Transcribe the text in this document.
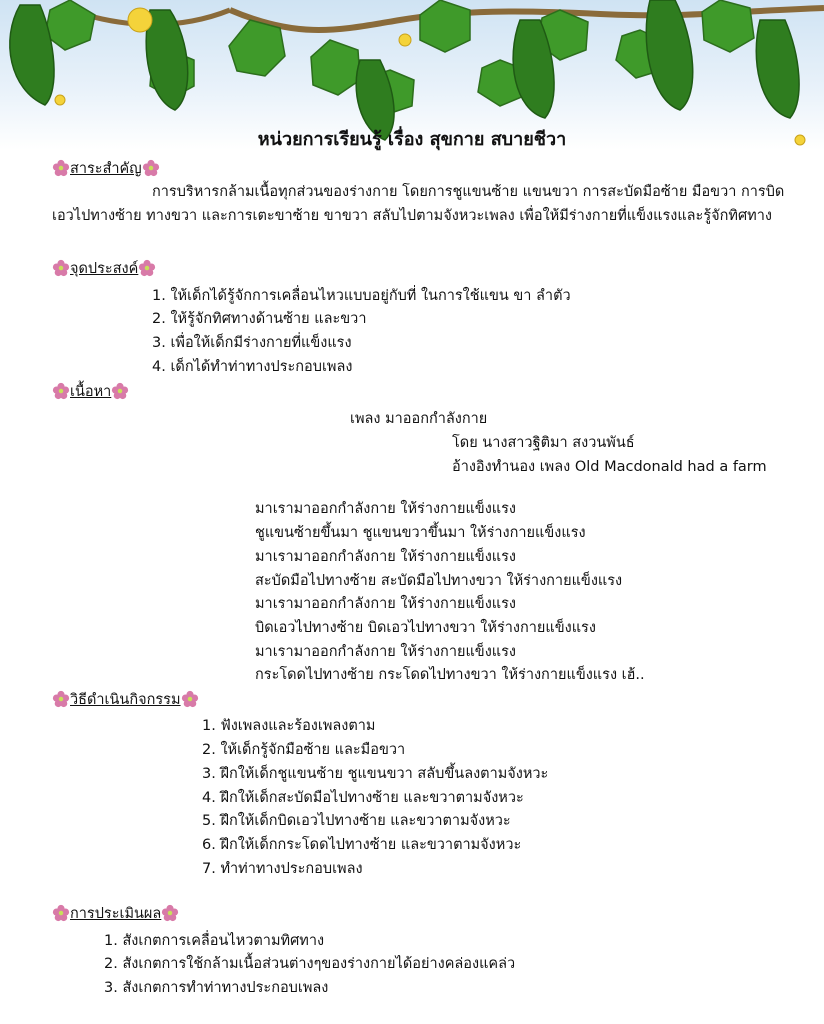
หน่วยการเรียนรู้ เรื่อง สุขกาย สบายชีวา
สาระสำคัญ
การบริหารกล้ามเนื้อทุกส่วนของร่างกาย โดยการชูแขนซ้าย แขนขวา การสะบัดมือซ้าย มือขวา การบิดเอวไปทางซ้าย ทางขวา และการเตะขาซ้าย ขาขวา สลับไปตามจังหวะเพลง เพื่อให้มีร่างกายที่แข็งแรงและรู้จักทิศทาง
จุดประสงค์
1. ให้เด็กได้รู้จักการเคลื่อนไหวแบบอยู่กับที่ ในการใช้แขน ขา ลำตัว
2. ให้รู้จักทิศทางด้านซ้าย และขวา
3. เพื่อให้เด็กมีร่างกายที่แข็งแรง
4. เด็กได้ทำท่าทางประกอบเพลง
เนื้อหา
เพลง มาออกกำลังกาย
โดย นางสาวฐิติมา สงวนพันธ์
อ้างอิงทำนอง เพลง Old Macdonald had a farm
มาเรามาออกกำลังกาย ให้ร่างกายแข็งแรง
ชูแขนซ้ายขึ้นมา ชูแขนขวาขึ้นมา ให้ร่างกายแข็งแรง
มาเรามาออกกำลังกาย ให้ร่างกายแข็งแรง
สะบัดมือไปทางซ้าย สะบัดมือไปทางขวา ให้ร่างกายแข็งแรง
มาเรามาออกกำลังกาย ให้ร่างกายแข็งแรง
บิดเอวไปทางซ้าย บิดเอวไปทางขวา ให้ร่างกายแข็งแรง
มาเรามาออกกำลังกาย ให้ร่างกายแข็งแรง
กระโดดไปทางซ้าย กระโดดไปทางขวา ให้ร่างกายแข็งแรง เฮ้..
วิธีดำเนินกิจกรรม
1. ฟังเพลงและร้องเพลงตาม
2. ให้เด็กรู้จักมือซ้าย และมือขวา
3. ฝึกให้เด็กชูแขนซ้าย ชูแขนขวา สลับขึ้นลงตามจังหวะ
4. ฝึกให้เด็กสะบัดมือไปทางซ้าย และขวาตามจังหวะ
5. ฝึกให้เด็กบิดเอวไปทางซ้าย และขวาตามจังหวะ
6. ฝึกให้เด็กกระโดดไปทางซ้าย และขวาตามจังหวะ
7. ทำท่าทางประกอบเพลง
การประเมินผล
1. สังเกตการเคลื่อนไหวตามทิศทาง
2. สังเกตการใช้กล้ามเนื้อส่วนต่างๆของร่างกายได้อย่างคล่องแคล่ว
3. สังเกตการทำท่าทางประกอบเพลง
